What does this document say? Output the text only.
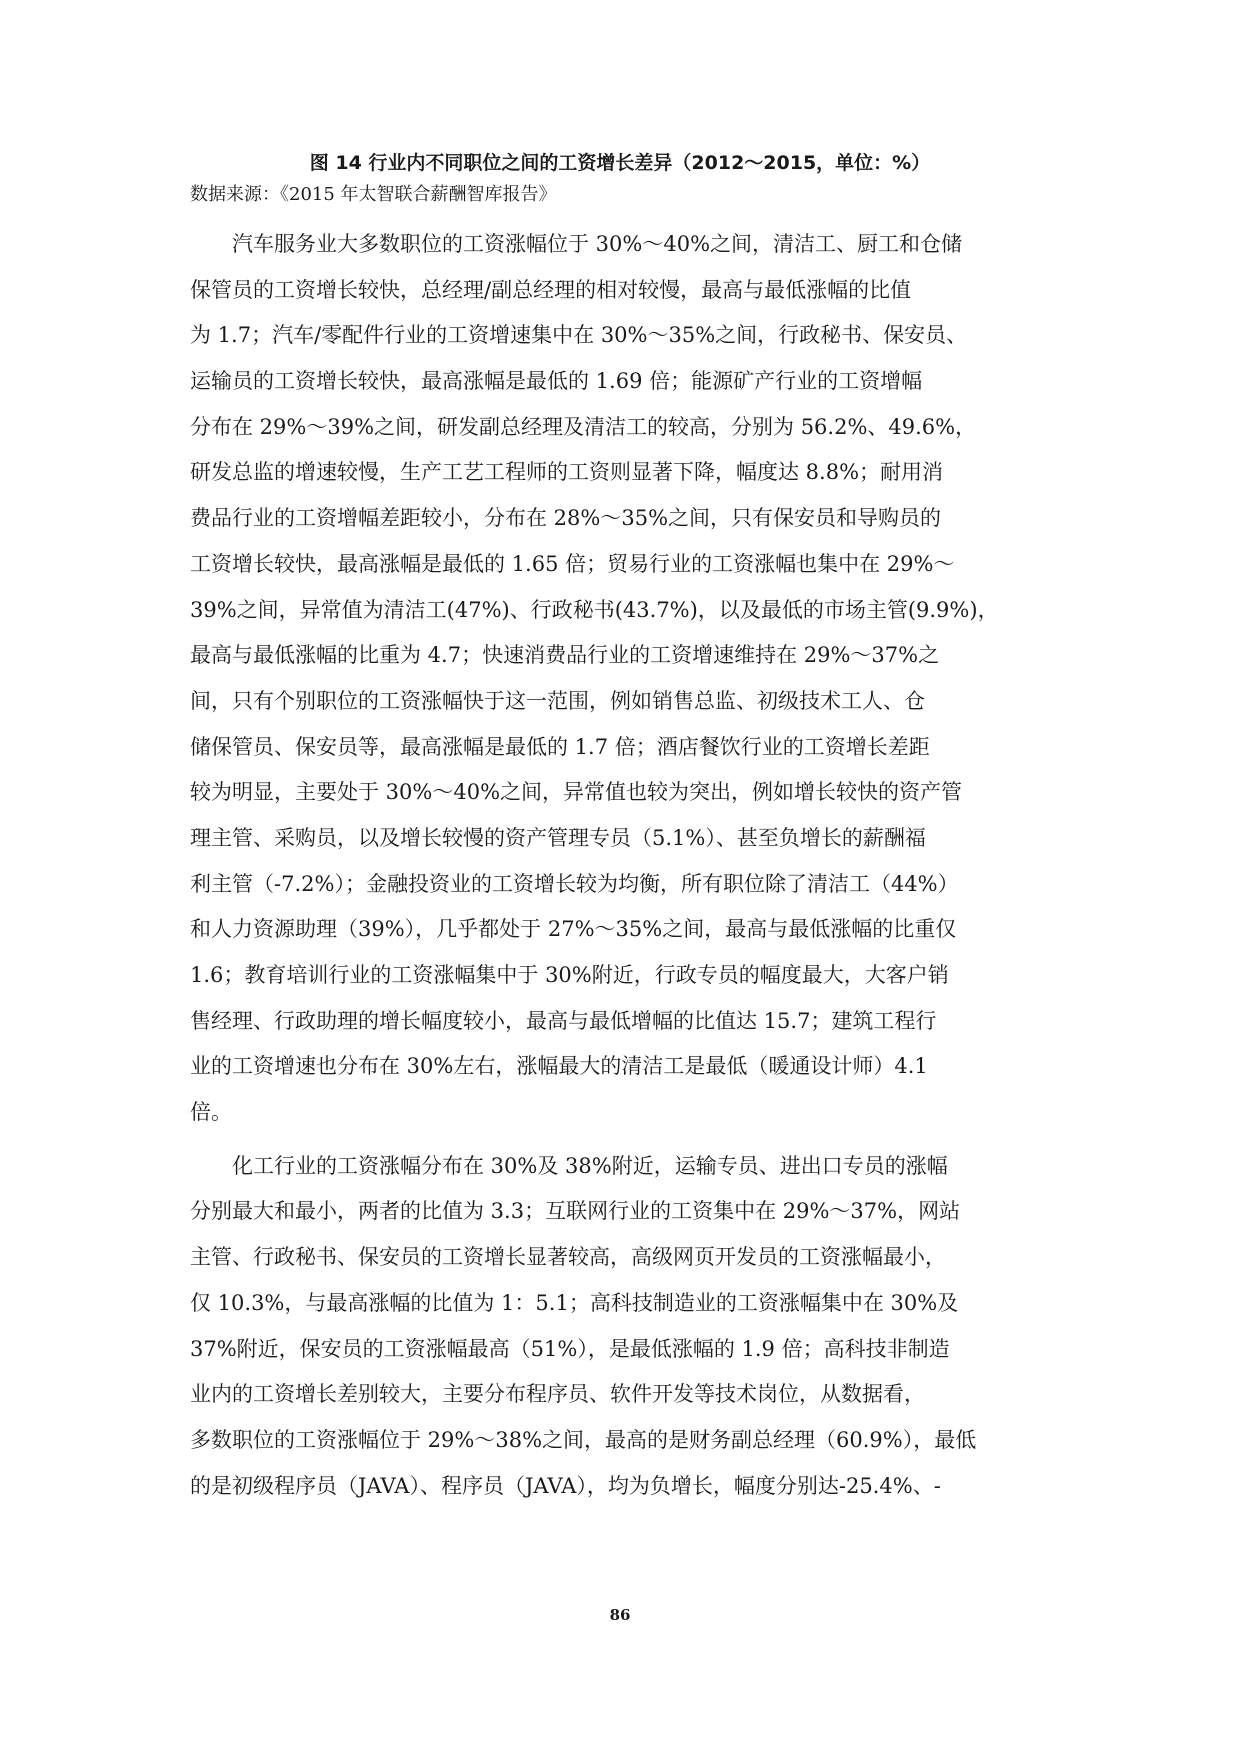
图 14 行业内不同职位之间的工资增长差异（2012～2015，单位：%）
数据来源：《2015 年太智联合薪酬智库报告》
汽车服务业大多数职位的工资涨幅位于 30%～40%之间，清洁工、厨工和仓储
保管员的工资增长较快，总经理/副总经理的相对较慢，最高与最低涨幅的比值
为 1.7；汽车/零配件行业的工资增速集中在 30%～35%之间，行政秘书、保安员、
运输员的工资增长较快，最高涨幅是最低的 1.69 倍；能源矿产行业的工资增幅
分布在 29%～39%之间，研发副总经理及清洁工的较高，分别为 56.2%、49.6%，
研发总监的增速较慢，生产工艺工程师的工资则显著下降，幅度达 8.8%；耐用消
费品行业的工资增幅差距较小，分布在 28%～35%之间，只有保安员和导购员的
工资增长较快，最高涨幅是最低的 1.65 倍；贸易行业的工资涨幅也集中在 29%～
39%之间，异常值为清洁工(47%)、行政秘书(43.7%)，以及最低的市场主管(9.9%)，
最高与最低涨幅的比重为 4.7；快速消费品行业的工资增速维持在 29%～37%之
间，只有个别职位的工资涨幅快于这一范围，例如销售总监、初级技术工人、仓
储保管员、保安员等，最高涨幅是最低的 1.7 倍；酒店餐饮行业的工资增长差距
较为明显，主要处于 30%～40%之间，异常值也较为突出，例如增长较快的资产管
理主管、采购员，以及增长较慢的资产管理专员（5.1%）、甚至负增长的薪酬福
利主管（-7.2%）；金融投资业的工资增长较为均衡，所有职位除了清洁工（44%）
和人力资源助理（39%），几乎都处于 27%～35%之间，最高与最低涨幅的比重仅
1.6；教育培训行业的工资涨幅集中于 30%附近，行政专员的幅度最大，大客户销
售经理、行政助理的增长幅度较小，最高与最低增幅的比值达 15.7；建筑工程行
业的工资增速也分布在 30%左右，涨幅最大的清洁工是最低（暖通设计师）4.1
倍。
化工行业的工资涨幅分布在 30%及 38%附近，运输专员、进出口专员的涨幅
分别最大和最小，两者的比值为 3.3；互联网行业的工资集中在 29%～37%，网站
主管、行政秘书、保安员的工资增长显著较高，高级网页开发员的工资涨幅最小，
仅 10.3%，与最高涨幅的比值为 1：5.1；高科技制造业的工资涨幅集中在 30%及
37%附近，保安员的工资涨幅最高（51%），是最低涨幅的 1.9 倍；高科技非制造
业内的工资增长差别较大，主要分布程序员、软件开发等技术岗位，从数据看，
多数职位的工资涨幅位于 29%～38%之间，最高的是财务副总经理（60.9%），最低
的是初级程序员（JAVA）、程序员（JAVA），均为负增长，幅度分别达-25.4%、-
86
